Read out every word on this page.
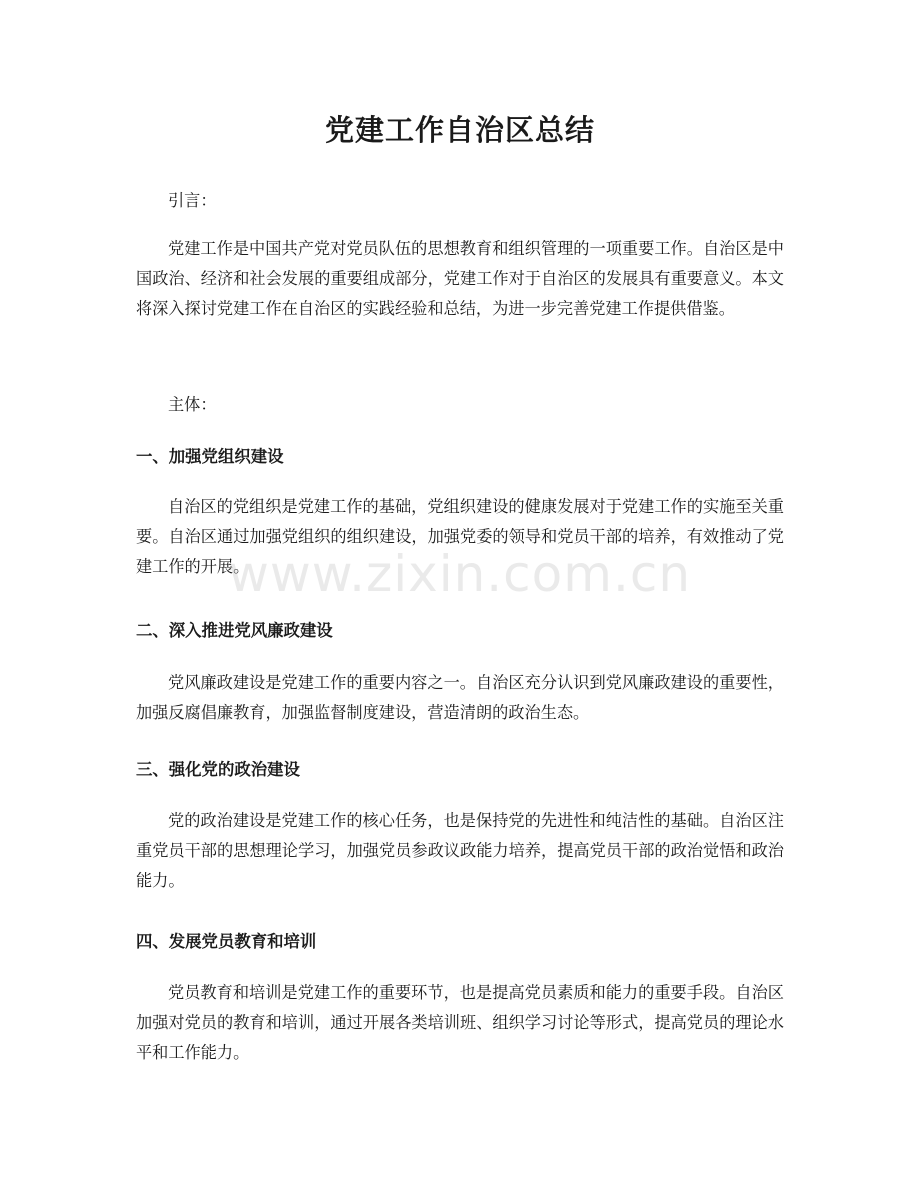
党建工作自治区总结

引言：

党建工作是中国共产党对党员队伍的思想教育和组织管理的一项重要工作。自治区是中国政治、经济和社会发展的重要组成部分，党建工作对于自治区的发展具有重要意义。本文将深入探讨党建工作在自治区的实践经验和总结，为进一步完善党建工作提供借鉴。

主体：

一、加强党组织建设

自治区的党组织是党建工作的基础，党组织建设的健康发展对于党建工作的实施至关重要。自治区通过加强党组织的组织建设，加强党委的领导和党员干部的培养，有效推动了党建工作的开展。

二、深入推进党风廉政建设

党风廉政建设是党建工作的重要内容之一。自治区充分认识到党风廉政建设的重要性，加强反腐倡廉教育，加强监督制度建设，营造清朗的政治生态。

三、强化党的政治建设

党的政治建设是党建工作的核心任务，也是保持党的先进性和纯洁性的基础。自治区注重党员干部的思想理论学习，加强党员参政议政能力培养，提高党员干部的政治觉悟和政治能力。

四、发展党员教育和培训

党员教育和培训是党建工作的重要环节，也是提高党员素质和能力的重要手段。自治区加强对党员的教育和培训，通过开展各类培训班、组织学习讨论等形式，提高党员的理论水平和工作能力。

www.zixin.com.cn
